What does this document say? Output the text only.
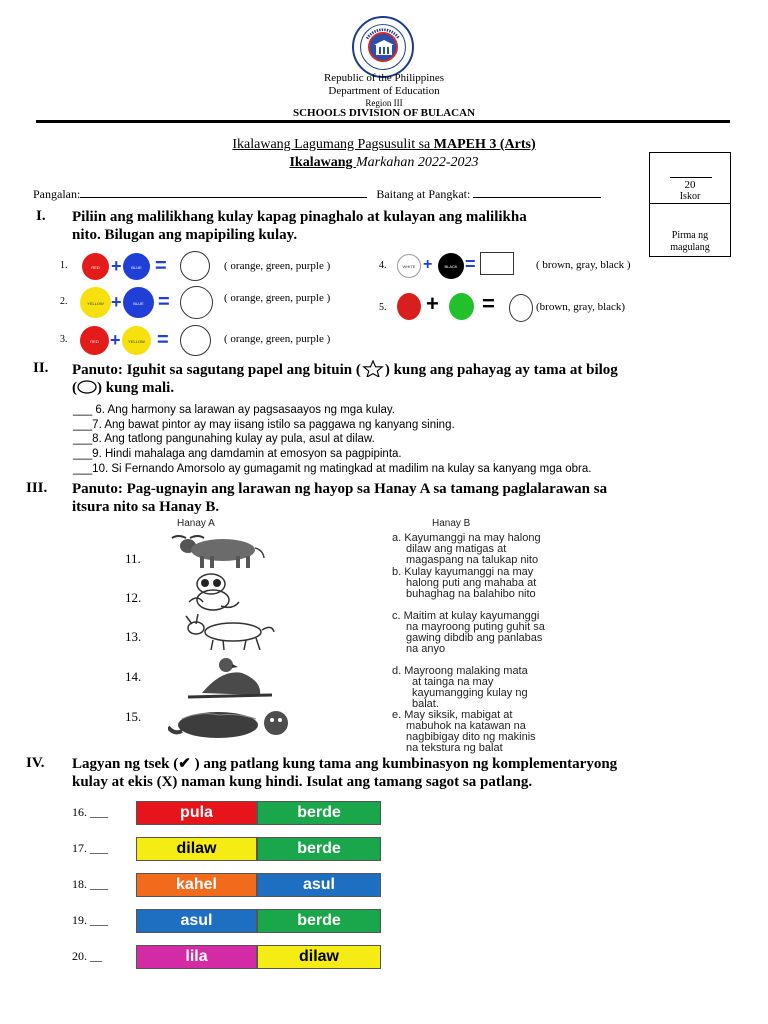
Republic of the Philippines
Department of Education
Region III
SCHOOLS DIVISION OF BULACAN
Ikalawang Lagumang Pagsusulit sa MAPEH 3 (Arts)
Ikalawang Markahan 2022-2023
20
Iskor
Pirma ng
magulang
Pangalan:	Baitang at Pangkat:
I. Piliin ang malilikhang kulay kapag pinaghalo at kulayan ang malilikha
nito. Bilugan ang mapipiling kulay.
1.	RED +	BLUE =	( orange, green, purple )
2.	YELLOW +	BLUE =	( orange, green, purple )
3.	RED +	YELLOW =	( orange, green, purple )
4.	WHITE +	BLACK =	( brown, gray, black )
5. + =	(brown, gray, black)
II. Panuto: Iguhit sa sagutang papel ang bituin ( ) kung ang pahayag ay tama at bilog
( ) kung mali.
___ 6. Ang harmony sa larawan ay pagsasaayos ng mga kulay.
___7. Ang bawat pintor ay may iisang istilo sa paggawa ng kanyang sining.
___8. Ang tatlong pangunahing kulay ay pula, asul at dilaw.
___9. Hindi mahalaga ang damdamin at emosyon sa pagpipinta.
___10. Si Fernando Amorsolo ay gumagamit ng matingkad at madilim na kulay sa kanyang mga obra.
III. Panuto: Pag-ugnayin ang larawan ng hayop sa Hanay A sa tamang paglalarawan sa
itsura nito sa Hanay B.
Hanay A	Hanay B
11.
12.
13.
14.
15.
a. Kayumanggi na may halong
dilaw ang matigas at
magaspang na talukap nito
b. Kulay kayumanggi na may
halong puti ang mahaba at
buhaghag na balahibo nito
c. Maitim at kulay kayumanggi
na mayroong puting guhit sa
gawing dibdib ang panlabas
na anyo
d. Mayroong malaking mata
at tainga na may
kayumangging kulay ng
balat.
e. May siksik, mabigat at
mabuhok na katawan na
nagbibigay dito ng makinis
na tekstura ng balat
IV. Lagyan ng tsek (✔ ) ang patlang kung tama ang kumbinasyon ng komplementaryong
kulay at ekis (X) naman kung hindi. Isulat ang tamang sagot sa patlang.
16. ___	pula	berde
17. ___	dilaw	berde
18. ___	kahel	asul
19. ___	asul	berde
20. __	lila	dilaw
